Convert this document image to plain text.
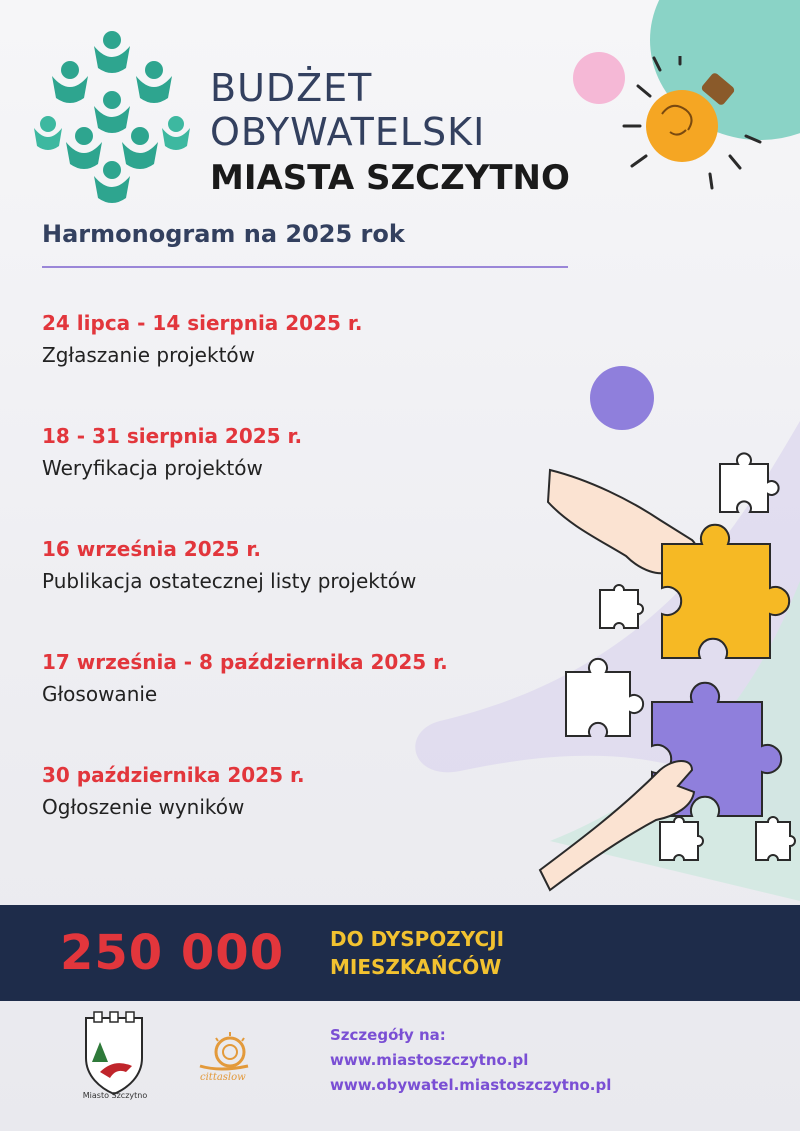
BUDŻET
OBYWATELSKI
MIASTA SZCZYTNO
Harmonogram na 2025 rok
24 lipca - 14 sierpnia 2025 r.
Zgłaszanie projektów
18 - 31 sierpnia 2025 r.
Weryfikacja projektów
16 września 2025 r.
Publikacja ostatecznej listy projektów
17 września - 8 października 2025 r.
Głosowanie
30 października 2025 r.
Ogłoszenie wyników
250 000 DO DYSPOZYCJI
MIESZKAŃCÓW
Miasto Szczytno
cittaslow
Szczegóły na:
www.miastoszczytno.pl
www.obywatel.miastoszczytno.pl
